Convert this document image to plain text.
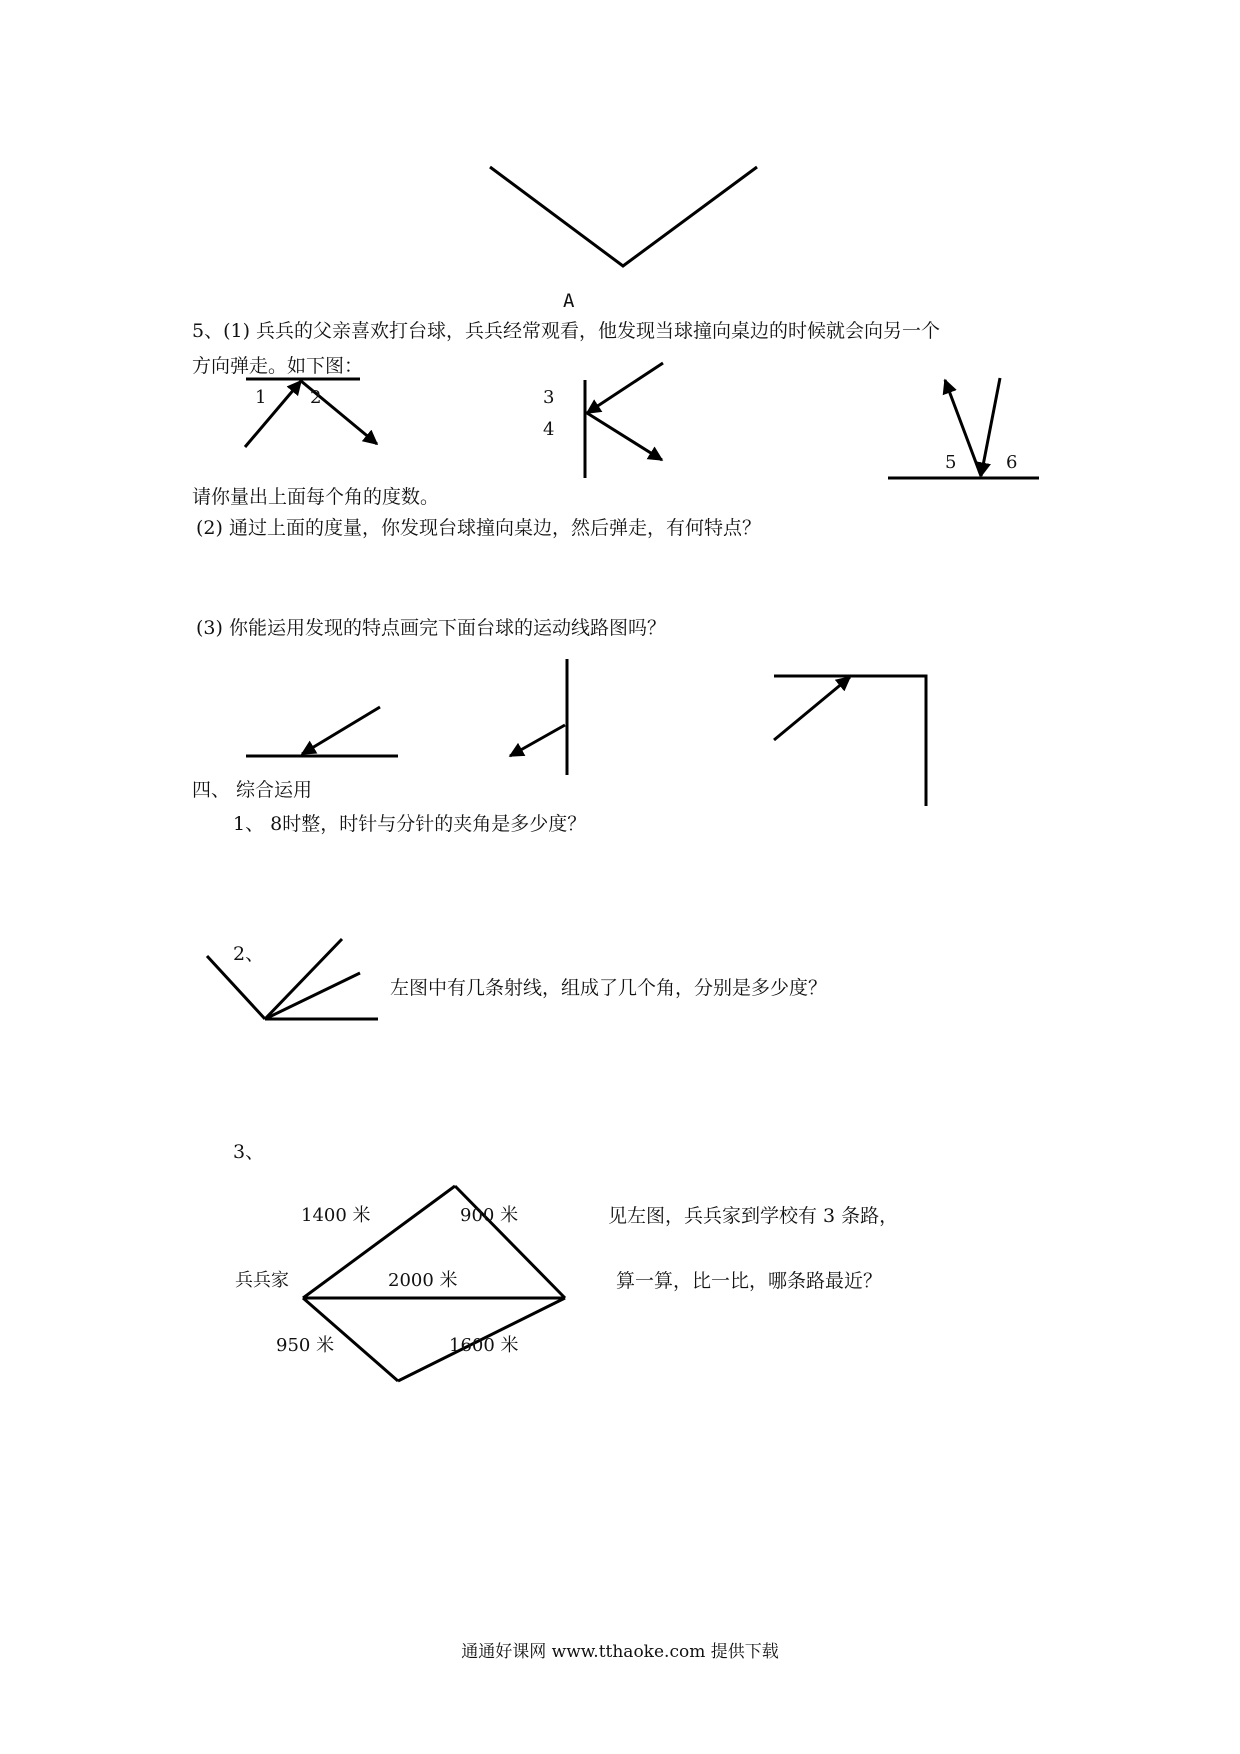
A
5、(1) 兵兵的父亲喜欢打台球，兵兵经常观看，他发现当球撞向桌边的时候就会向另一个
方向弹走。如下图：
1 2	3
4
5	6
请你量出上面每个角的度数。
(2) 通过上面的度量，你发现台球撞向桌边，然后弹走，有何特点？
(3) 你能运用发现的特点画完下面台球的运动线路图吗？
四、 综合运用
1、 8时整，时针与分针的夹角是多少度？
2、
左图中有几条射线，组成了几个角，分别是多少度？
3、
1400 米	900 米
兵兵家	2000 米
950 米	1600 米
见左图，兵兵家到学校有 3 条路，
算一算，比一比，哪条路最近？
通通好课网 www.tthaoke.com 提供下载
